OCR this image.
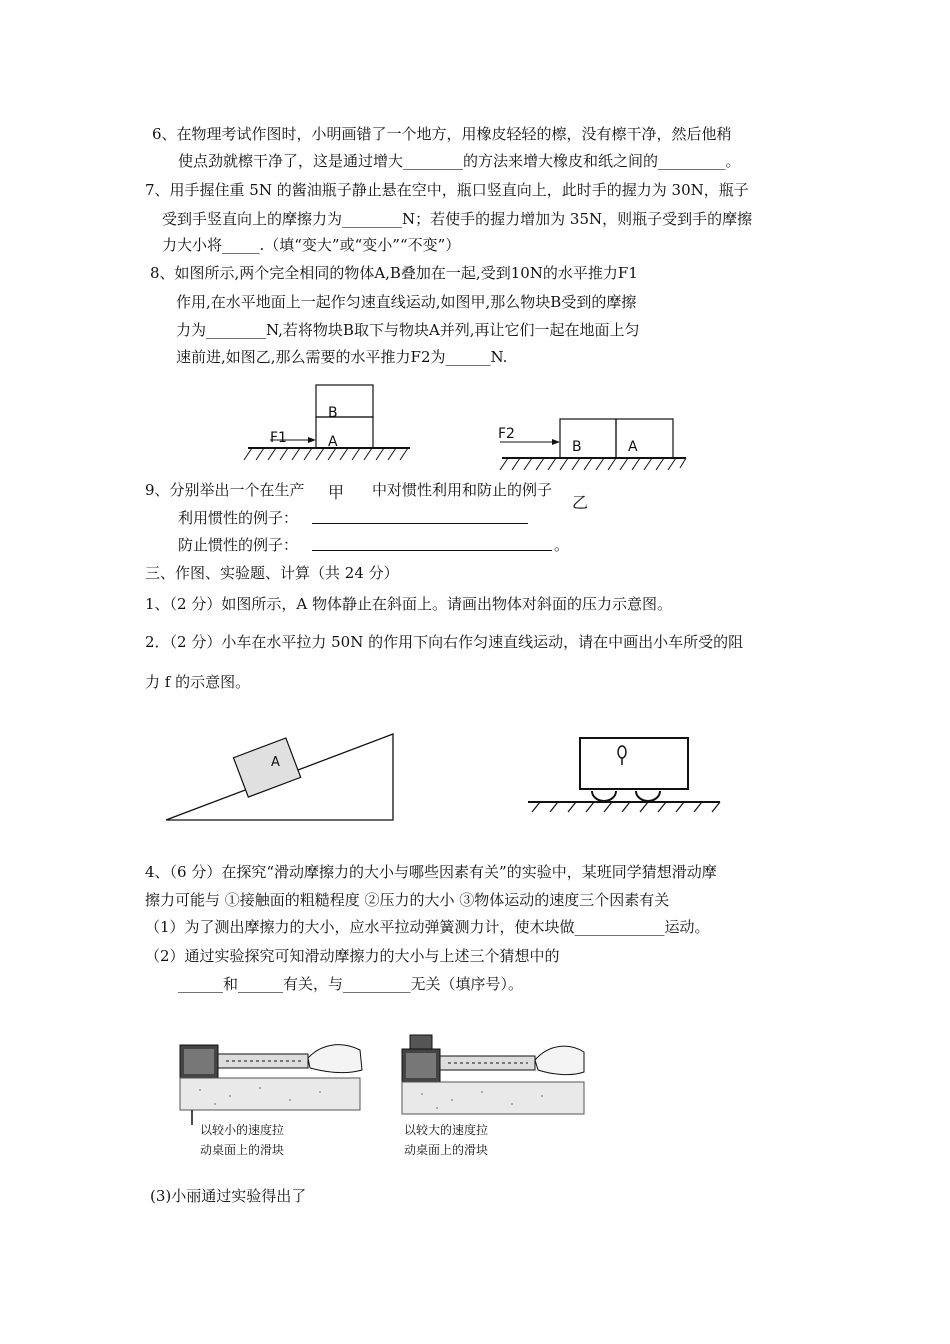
6、在物理考试作图时，小明画错了一个地方，用橡皮轻轻的檫，没有檫干净，然后他稍
使点劲就檫干净了，这是通过增大________的方法来增大橡皮和纸之间的_________。
7、用手握住重 5N 的酱油瓶子静止悬在空中，瓶口竖直向上，此时手的握力为 30N，瓶子
受到手竖直向上的摩擦力为________N；若使手的握力增加为 35N，则瓶子受到手的摩擦
力大小将_____.（填“变大”或“变小”“不变”）
8、如图所示,两个完全相同的物体A,B叠加在一起,受到10N的水平推力F1
作用,在水平地面上一起作匀速直线运动,如图甲,那么物块B受到的摩擦
力为________N,若将物块B取下与物块A并列,再让它们一起在地面上匀
速前进,如图乙,那么需要的水平推力F2为______N.
B
A
F1
B	A
F2
9、分别举出一个在生产 甲 中对惯性利用和防止的例子
乙
利用惯性的例子：
防止惯性的例子：	。
三、作图、实验题、计算（共 24 分）
1、（2 分）如图所示，A 物体静止在斜面上。请画出物体对斜面的压力示意图。
2．（2 分）小车在水平拉力 50N 的作用下向右作匀速直线运动，请在中画出小车所受的阻
力 f 的示意图。
A
4、（6 分）在探究“滑动摩擦力的大小与哪些因素有关”的实验中，某班同学猜想滑动摩
擦力可能与 ①接触面的粗糙程度 ②压力的大小 ③物体运动的速度三个因素有关
（1）为了测出摩擦力的大小，应水平拉动弹簧测力计，使木块做____________运动。
（2）通过实验探究可知滑动摩擦力的大小与上述三个猜想中的
______和______有关，与_________无关（填序号）。
以较小的速度拉
动桌面上的滑块
以较大的速度拉
动桌面上的滑块
(3)小丽通过实验得出了
